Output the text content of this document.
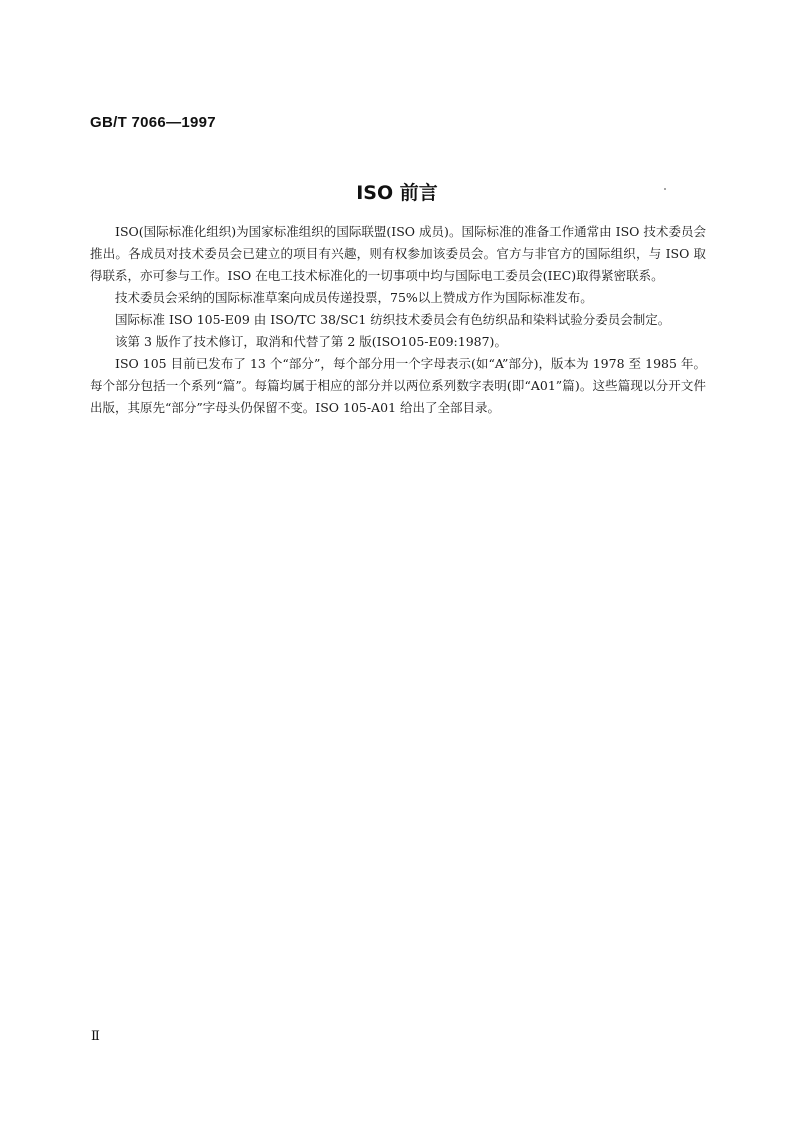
GB/T 7066—1997
ISO 前言

ISO(国际标准化组织)为国家标准组织的国际联盟(ISO 成员)。国际标准的准备工作通常由 ISO 技术委员会推出。各成员对技术委员会已建立的项目有兴趣，则有权参加该委员会。官方与非官方的国际组织，与 ISO 取得联系，亦可参与工作。ISO 在电工技术标准化的一切事项中均与国际电工委员会(IEC)取得紧密联系。

技术委员会采纳的国际标准草案向成员传递投票，75%以上赞成方作为国际标准发布。

国际标准 ISO 105-E09 由 ISO/TC 38/SC1 纺织技术委员会有色纺织品和染料试验分委员会制定。

该第 3 版作了技术修订，取消和代替了第 2 版(ISO105-E09:1987)。

ISO 105 目前已发布了 13 个“部分”，每个部分用一个字母表示(如“A”部分)，版本为 1978 至 1985 年。每个部分包括一个系列“篇”。每篇均属于相应的部分并以两位系列数字表明(即“A01”篇)。这些篇现以分开文件出版，其原先“部分”字母头仍保留不变。ISO 105-A01 给出了全部目录。

Ⅱ
